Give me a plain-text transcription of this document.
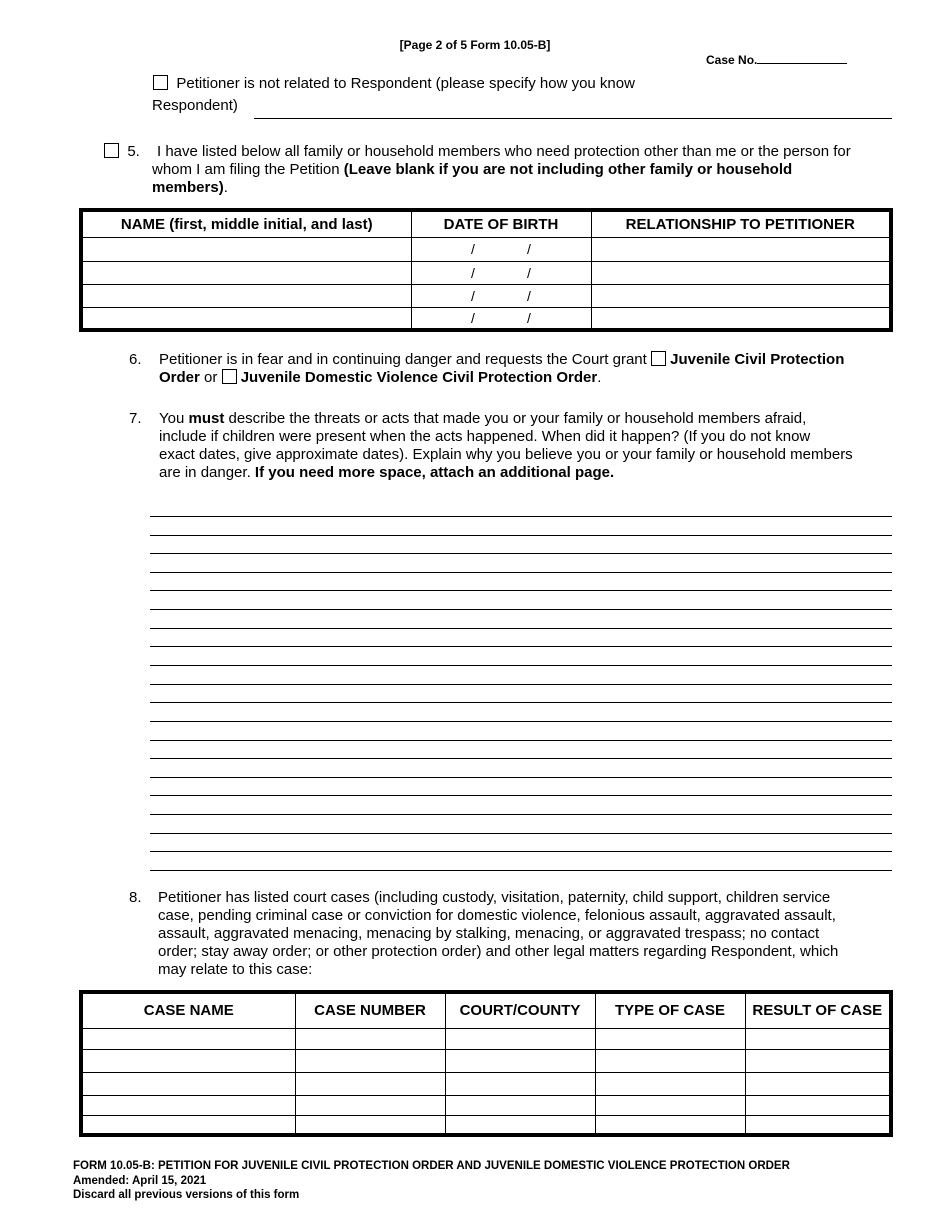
[Page 2 of 5 Form 10.05-B]
Case No.
Petitioner is not related to Respondent (please specify how you know
Respondent)
5. I have listed below all family or household members who need protection other than me or the person for
whom I am filing the Petition (Leave blank if you are not including other family or household
members).
NAME (first, middle initial, and last)	DATE OF BIRTH	RELATIONSHIP TO PETITIONER
	/ /	
	/ /	
	/ /	
	/ /	
6. Petitioner is in fear and in continuing danger and requests the Court grant  Juvenile Civil Protection
Order or  Juvenile Domestic Violence Civil Protection Order.
7. You must describe the threats or acts that made you or your family or household members afraid,
include if children were present when the acts happened. When did it happen? (If you do not know
exact dates, give approximate dates). Explain why you believe you or your family or household members
are in danger. If you need more space, attach an additional page.
8. Petitioner has listed court cases (including custody, visitation, paternity, child support, children service
case, pending criminal case or conviction for domestic violence, felonious assault, aggravated assault,
assault, aggravated menacing, menacing by stalking, menacing, or aggravated trespass; no contact
order; stay away order; or other protection order) and other legal matters regarding Respondent, which
may relate to this case:
CASE NAME	CASE NUMBER	COURT/COUNTY	TYPE OF CASE	RESULT OF CASE

FORM 10.05-B: PETITION FOR JUVENILE CIVIL PROTECTION ORDER AND JUVENILE DOMESTIC VIOLENCE PROTECTION ORDER
Amended: April 15, 2021
Discard all previous versions of this form
